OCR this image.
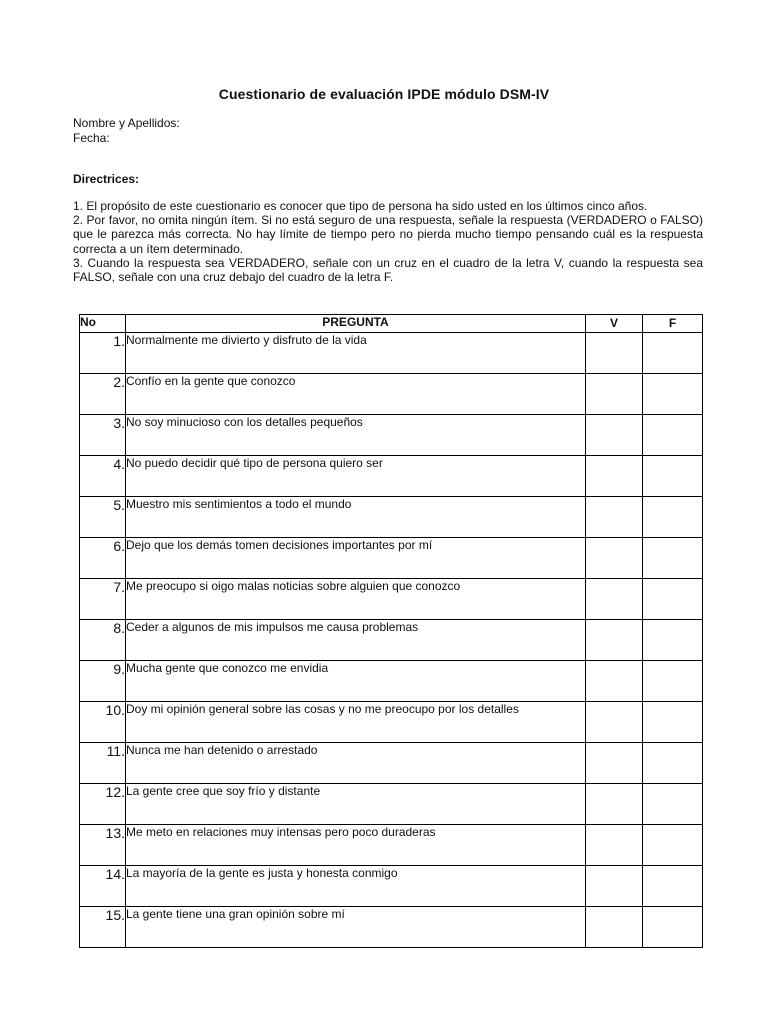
Cuestionario de evaluación IPDE módulo DSM-IV
Nombre y Apellidos:
Fecha:
Directrices:

1. El propósito de este cuestionario es conocer que tipo de persona ha sido usted en los últimos cinco años.

2. Por favor, no omita ningún ítem. Si no está seguro de una respuesta, señale la respuesta (VERDADERO o FALSO) que le parezca más correcta. No hay límite de tiempo pero no pierda mucho tiempo pensando cuál es la respuesta correcta a un ítem determinado.

3. Cuando la respuesta sea VERDADERO, señale con un cruz en el cuadro de la letra V, cuando la respuesta sea FALSO, señale con una cruz debajo del cuadro de la letra F.

No	PREGUNTA	V	F
1.	Normalmente me divierto y disfruto de la vida		
2.	Confío en la gente que conozco		
3.	No soy minucioso con los detalles pequeños		
4.	No puedo decidir qué tipo de persona quiero ser		
5.	Muestro mis sentimientos a todo el mundo		
6.	Dejo que los demás tomen decisiones importantes por mí		
7.	Me preocupo si oigo malas noticias sobre alguien que conozco		
8.	Ceder a algunos de mis impulsos me causa problemas		
9.	Mucha gente que conozco me envidia		
10.	Doy mi opinión general sobre las cosas y no me preocupo por los detalles		
11.	Nunca me han detenido o arrestado		
12.	La gente cree que soy frío y distante		
13.	Me meto en relaciones muy intensas pero poco duraderas		
14.	La mayoría de la gente es justa y honesta conmigo		
15.	La gente tiene una gran opinión sobre mí		
